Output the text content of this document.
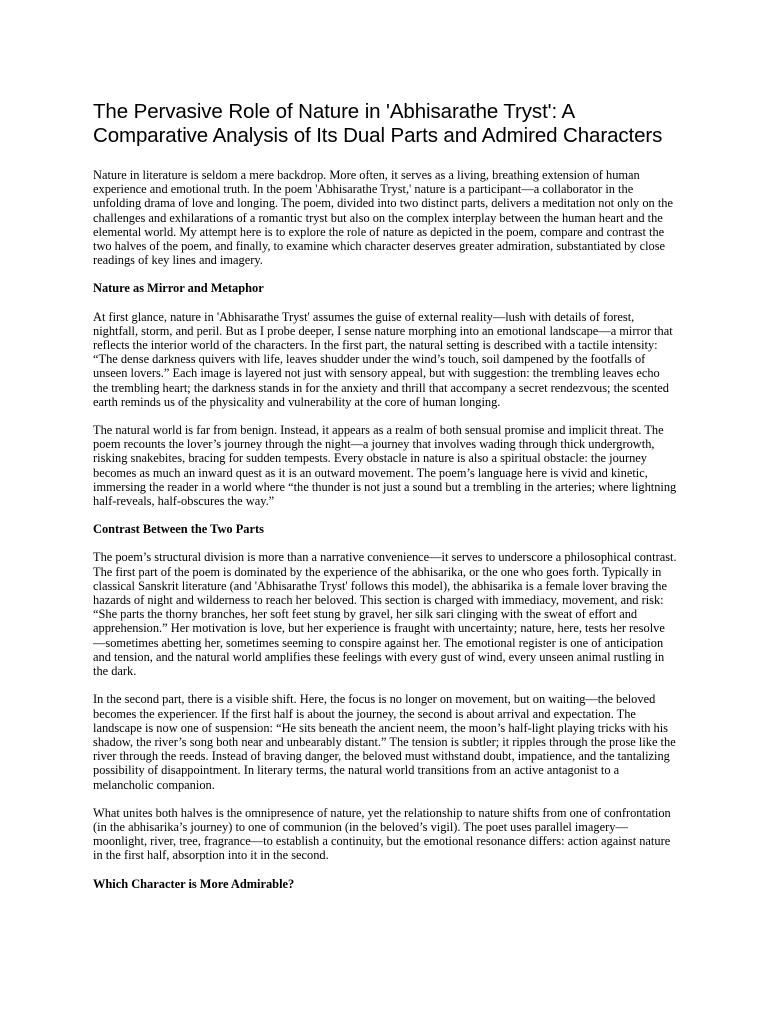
The Pervasive Role of Nature in 'Abhisarathe Tryst': A Comparative Analysis of Its Dual Parts and Admired Characters

Nature in literature is seldom a mere backdrop. More often, it serves as a living, breathing extension of human experience and emotional truth. In the poem 'Abhisarathe Tryst,' nature is a participant—a collaborator in the unfolding drama of love and longing. The poem, divided into two distinct parts, delivers a meditation not only on the challenges and exhilarations of a romantic tryst but also on the complex interplay between the human heart and the elemental world. My attempt here is to explore the role of nature as depicted in the poem, compare and contrast the two halves of the poem, and finally, to examine which character deserves greater admiration, substantiated by close readings of key lines and imagery.

Nature as Mirror and Metaphor

At first glance, nature in 'Abhisarathe Tryst' assumes the guise of external reality—lush with details of forest, nightfall, storm, and peril. But as I probe deeper, I sense nature morphing into an emotional landscape—a mirror that reflects the interior world of the characters. In the first part, the natural setting is described with a tactile intensity: “The dense darkness quivers with life, leaves shudder under the wind’s touch, soil dampened by the footfalls of unseen lovers.” Each image is layered not just with sensory appeal, but with suggestion: the trembling leaves echo the trembling heart; the darkness stands in for the anxiety and thrill that accompany a secret rendezvous; the scented earth reminds us of the physicality and vulnerability at the core of human longing.

The natural world is far from benign. Instead, it appears as a realm of both sensual promise and implicit threat. The poem recounts the lover’s journey through the night—a journey that involves wading through thick undergrowth, risking snakebites, bracing for sudden tempests. Every obstacle in nature is also a spiritual obstacle: the journey becomes as much an inward quest as it is an outward movement. The poem’s language here is vivid and kinetic, immersing the reader in a world where “the thunder is not just a sound but a trembling in the arteries; where lightning half-reveals, half-obscures the way.”

Contrast Between the Two Parts

The poem’s structural division is more than a narrative convenience—it serves to underscore a philosophical contrast. The first part of the poem is dominated by the experience of the abhisarika, or the one who goes forth. Typically in classical Sanskrit literature (and 'Abhisarathe Tryst' follows this model), the abhisarika is a female lover braving the hazards of night and wilderness to reach her beloved. This section is charged with immediacy, movement, and risk: “She parts the thorny branches, her soft feet stung by gravel, her silk sari clinging with the sweat of effort and apprehension.” Her motivation is love, but her experience is fraught with uncertainty; nature, here, tests her resolve—sometimes abetting her, sometimes seeming to conspire against her. The emotional register is one of anticipation and tension, and the natural world amplifies these feelings with every gust of wind, every unseen animal rustling in the dark.

In the second part, there is a visible shift. Here, the focus is no longer on movement, but on waiting—the beloved becomes the experiencer. If the first half is about the journey, the second is about arrival and expectation. The landscape is now one of suspension: “He sits beneath the ancient neem, the moon’s half-light playing tricks with his shadow, the river’s song both near and unbearably distant.” The tension is subtler; it ripples through the prose like the river through the reeds. Instead of braving danger, the beloved must withstand doubt, impatience, and the tantalizing possibility of disappointment. In literary terms, the natural world transitions from an active antagonist to a melancholic companion.

What unites both halves is the omnipresence of nature, yet the relationship to nature shifts from one of confrontation (in the abhisarika’s journey) to one of communion (in the beloved’s vigil). The poet uses parallel imagery—moonlight, river, tree, fragrance—to establish a continuity, but the emotional resonance differs: action against nature in the first half, absorption into it in the second.

Which Character is More Admirable?
